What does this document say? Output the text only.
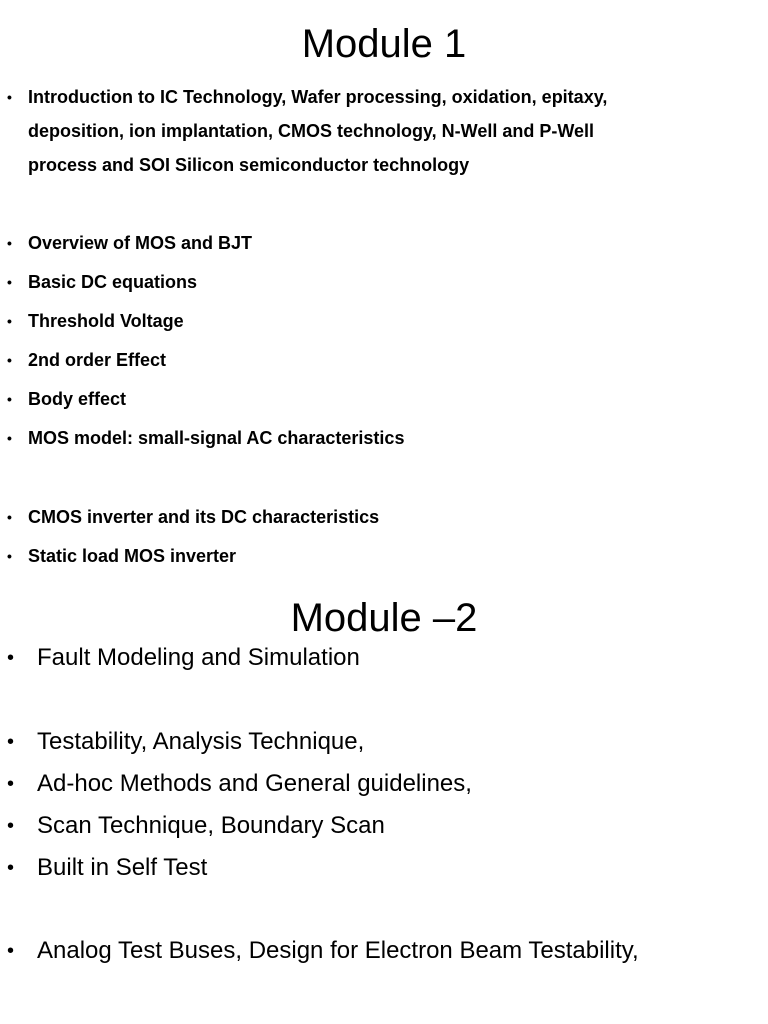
Module 1
• Introduction to IC Technology, Wafer processing, oxidation, epitaxy,
deposition, ion implantation, CMOS technology, N-Well and P-Well
process and SOI Silicon semiconductor technology
• Overview of MOS and BJT
• Basic DC equations
• Threshold Voltage
• 2nd order Effect
• Body effect
• MOS model: small-signal AC characteristics
• CMOS inverter and its DC characteristics
• Static load MOS inverter
Module –2
• Fault Modeling and Simulation
• Testability, Analysis Technique,
• Ad-hoc Methods and General guidelines,
• Scan Technique, Boundary Scan
• Built in Self Test
• Analog Test Buses, Design for Electron Beam Testability,
